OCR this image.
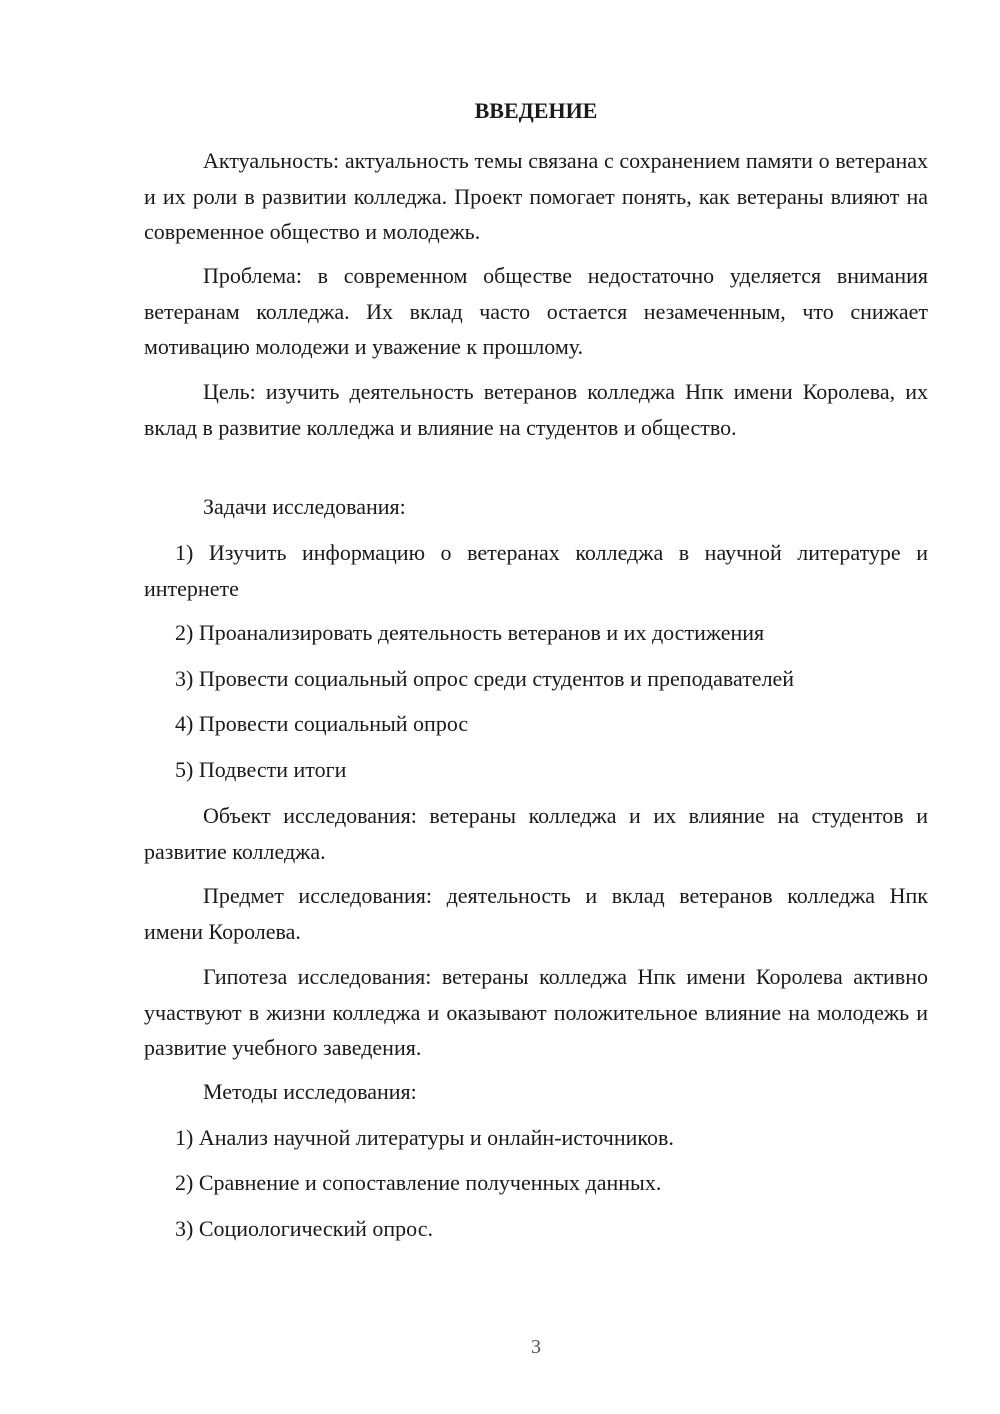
ВВЕДЕНИЕ

Актуальность: актуальность темы связана с сохранением памяти о ветеранах и их роли в развитии колледжа. Проект помогает понять, как ветераны влияют на современное общество и молодежь.

Проблема: в современном обществе недостаточно уделяется внимания ветеранам колледжа. Их вклад часто остается незамеченным, что снижает мотивацию молодежи и уважение к прошлому.

Цель: изучить деятельность ветеранов колледжа Нпк имени Королева, их вклад в развитие колледжа и влияние на студентов и общество.

Задачи исследования:

1) Изучить информацию о ветеранах колледжа в научной литературе и интернете

2) Проанализировать деятельность ветеранов и их достижения

3) Провести социальный опрос среди студентов и преподавателей

4) Провести социальный опрос

5) Подвести итоги

Объект исследования: ветераны колледжа и их влияние на студентов и развитие колледжа.

Предмет исследования: деятельность и вклад ветеранов колледжа Нпк имени Королева.

Гипотеза исследования: ветераны колледжа Нпк имени Королева активно участвуют в жизни колледжа и оказывают положительное влияние на молодежь и развитие учебного заведения.

Методы исследования:

1) Анализ научной литературы и онлайн-источников.

2) Сравнение и сопоставление полученных данных.

3) Социологический опрос.

3
